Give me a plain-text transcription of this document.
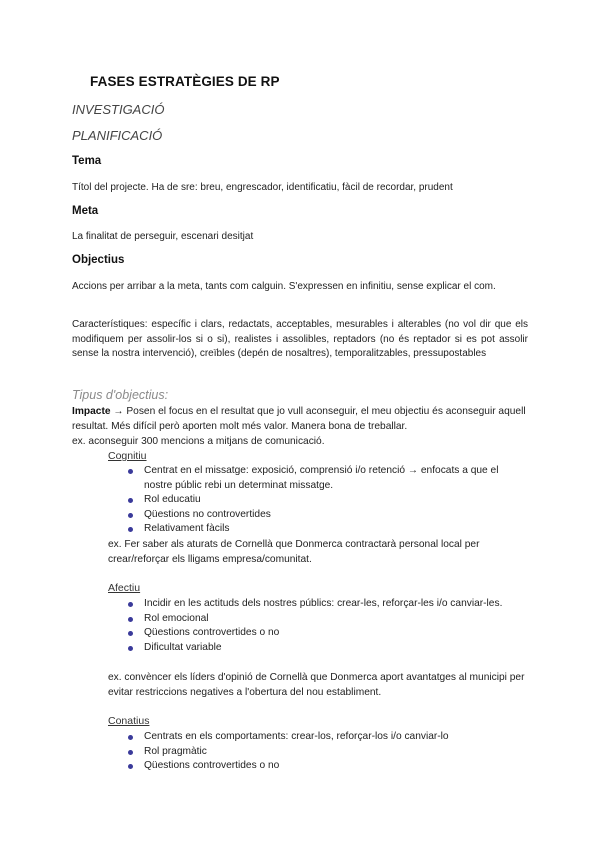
FASES ESTRATÈGIES DE RP
INVESTIGACIÓ
PLANIFICACIÓ
Tema
Títol del projecte. Ha de sre: breu, engrescador, identificatiu, fàcil de recordar, prudent
Meta
La finalitat de perseguir, escenari desitjat
Objectius
Accions per arribar a la meta, tants com calguin. S'expressen en infinitiu, sense explicar el com.
Característiques: específic i clars, redactats, acceptables, mesurables i alterables (no vol dir que els modifiquem per assolir-los si o si), realistes i assolibles, reptadors (no és reptador si es pot assolir sense la nostra intervenció), creïbles (depén de nosaltres), temporalitzables, pressupostables
Tipus d'objectius:
Impacte → Posen el focus en el resultat que jo vull aconseguir, el meu objectiu és aconseguir aquell resultat. Més difícil però aporten molt més valor. Manera bona de treballar.
ex. aconseguir 300 mencions a mitjans de comunicació.
Cognitiu
Centrat en el missatge: exposició, comprensió i/o retenció → enfocats a que el nostre públic rebi un determinat missatge.
Rol educatiu
Qüestions no controvertides
Relativament fàcils
ex. Fer saber als aturats de Cornellà que Donmerca contractarà personal local per crear/reforçar els lligams empresa/comunitat.
Afectiu
Incidir en les actituds dels nostres públics: crear-les, reforçar-les i/o canviar-les.
Rol emocional
Qüestions controvertides o no
Dificultat variable
ex. convèncer els líders d'opinió de Cornellà que Donmerca aport avantatges al municipi per evitar restriccions negatives a l'obertura del nou establiment.
Conatius
Centrats en els comportaments: crear-los, reforçar-los i/o canviar-lo
Rol pragmàtic
Qüestions controvertides o no
